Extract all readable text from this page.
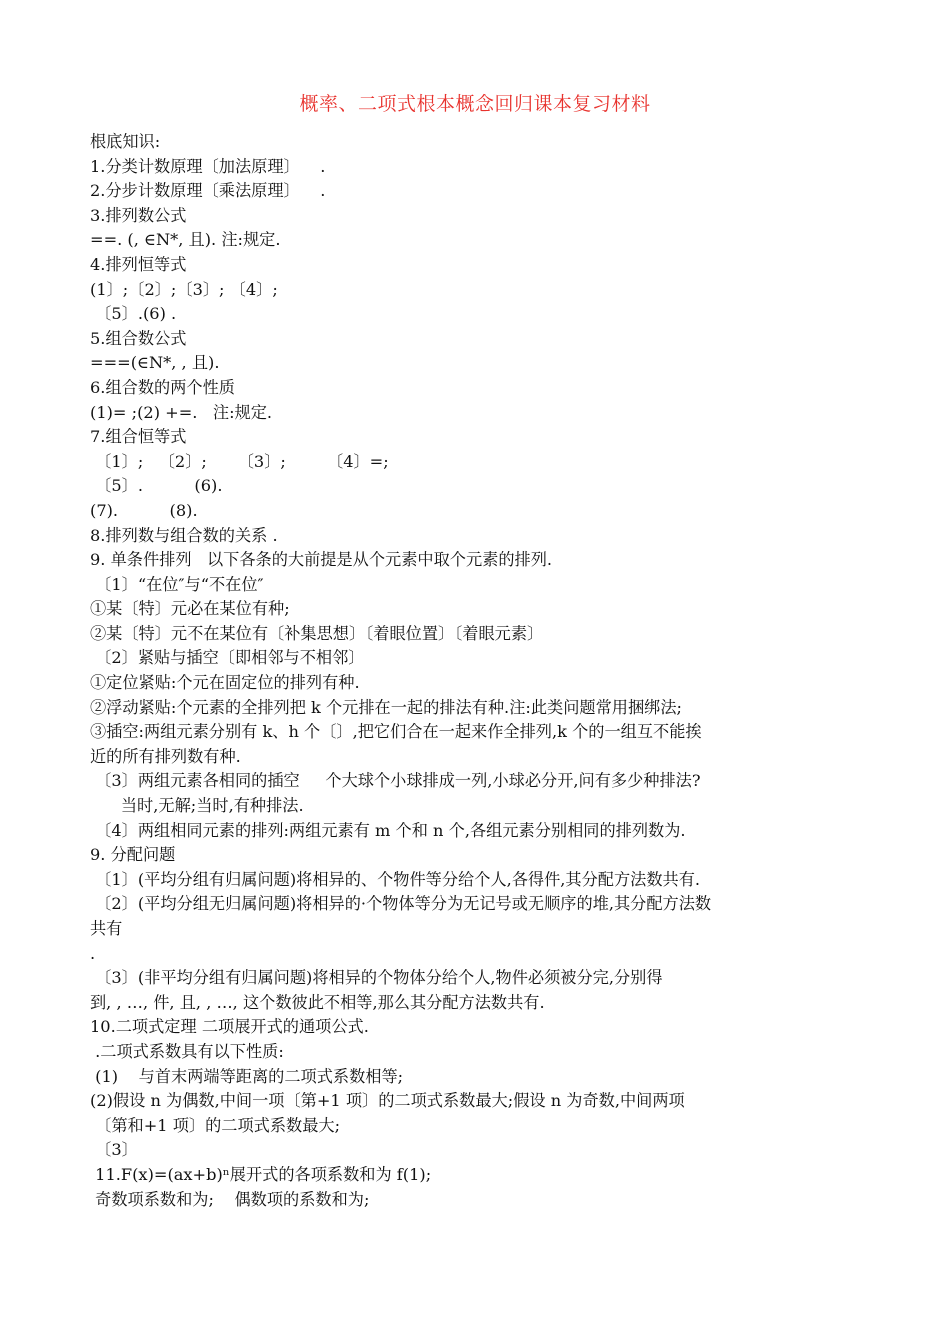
概率、二项式根本概念回归课本复习材料

根底知识:

1.分类计数原理〔加法原理〕    .

2.分步计数原理〔乘法原理〕    .

3.排列数公式

==. (, ∈N*, 且). 注:规定.

4.排列恒等式

(1〕;〔2〕;〔3〕; 〔4〕;

〔5〕.(6) .

5.组合数公式

===(∈N*, , 且).

6.组合数的两个性质

(1)= ;(2) +=.   注:规定.

7.组合恒等式

〔1〕;   〔2〕;      〔3〕;        〔4〕=;

〔5〕.          (6).

(7).          (8).

8.排列数与组合数的关系 .

9. 单条件排列   以下各条的大前提是从个元素中取个元素的排列.

〔1〕“在位″与“不在位″

①某〔特〕元必在某位有种;

②某〔特〕元不在某位有〔补集思想〕〔着眼位置〕〔着眼元素〕

〔2〕紧贴与插空〔即相邻与不相邻〕

①定位紧贴:个元在固定位的排列有种.

②浮动紧贴:个元素的全排列把 k 个元排在一起的排法有种.注:此类问题常用捆绑法;

③插空:两组元素分别有 k、h 个〔〕,把它们合在一起来作全排列,k 个的一组互不能挨

近的所有排列数有种.

〔3〕两组元素各相同的插空     个大球个小球排成一列,小球必分开,问有多少种排法?

当时,无解;当时,有种排法.

〔4〕两组相同元素的排列:两组元素有 m 个和 n 个,各组元素分别相同的排列数为.

9. 分配问题

〔1〕(平均分组有归属问题)将相异的、个物件等分给个人,各得件,其分配方法数共有.

〔2〕(平均分组无归属问题)将相异的·个物体等分为无记号或无顺序的堆,其分配方法数

共有

.

〔3〕(非平均分组有归属问题)将相异的个物体分给个人,物件必须被分完,分别得

到, , …, 件, 且, , …, 这个数彼此不相等,那么其分配方法数共有.

10.二项式定理 二项展开式的通项公式.

.二项式系数具有以下性质:

(1)    与首末两端等距离的二项式系数相等;

(2)假设 n 为偶数,中间一项〔第+1 项〕的二项式系数最大;假设 n 为奇数,中间两项

〔第和+1 项〕的二项式系数最大;

〔3〕

11.F(x)=(ax+b)ⁿ展开式的各项系数和为 f(1);

奇数项系数和为;    偶数项的系数和为;
